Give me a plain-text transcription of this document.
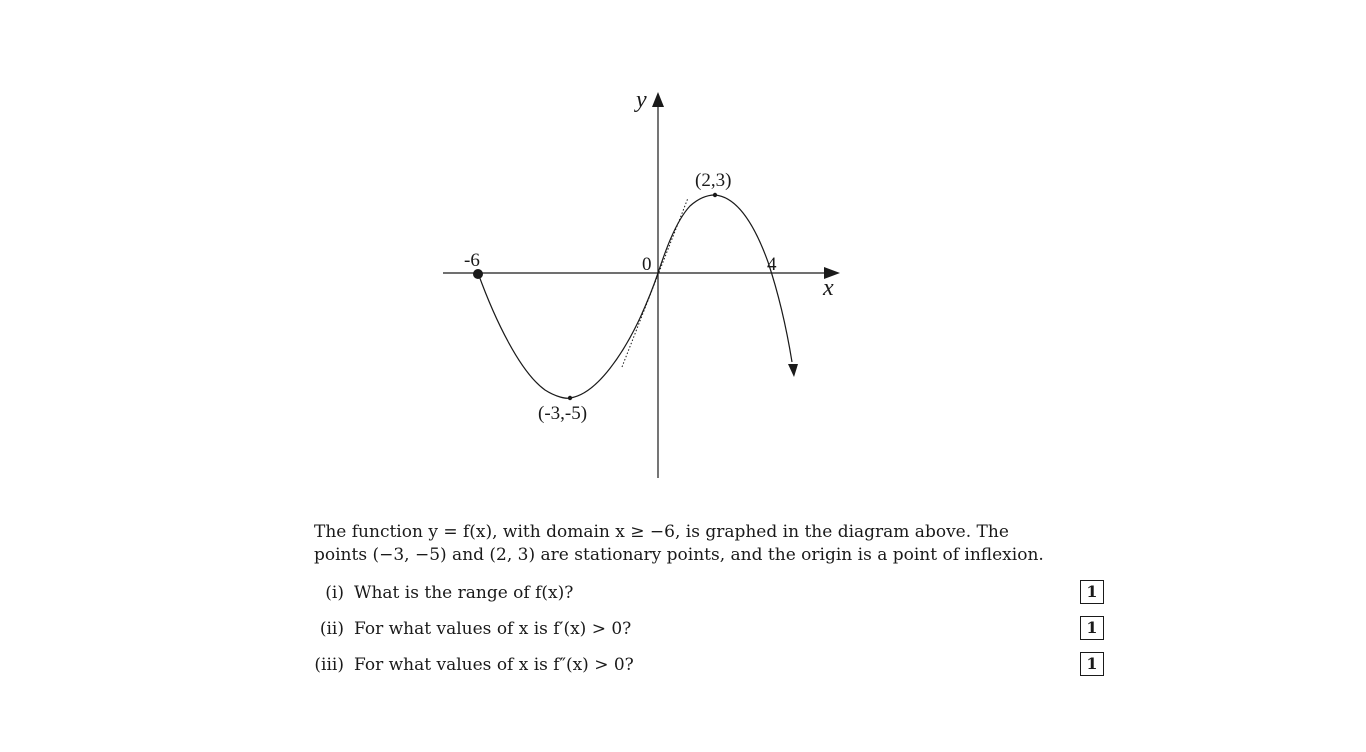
y
x
0
-6	4
(2,3)
(-3,-5)

The function y = f(x), with domain x ≥ −6, is graphed in the diagram above. The
points (−3, −5) and (2, 3) are stationary points, and the origin is a point of inflexion.

(i) What is the range of f(x)?	1
(ii) For what values of x is f′(x) > 0?	1
(iii) For what values of x is f″(x) > 0?	1
